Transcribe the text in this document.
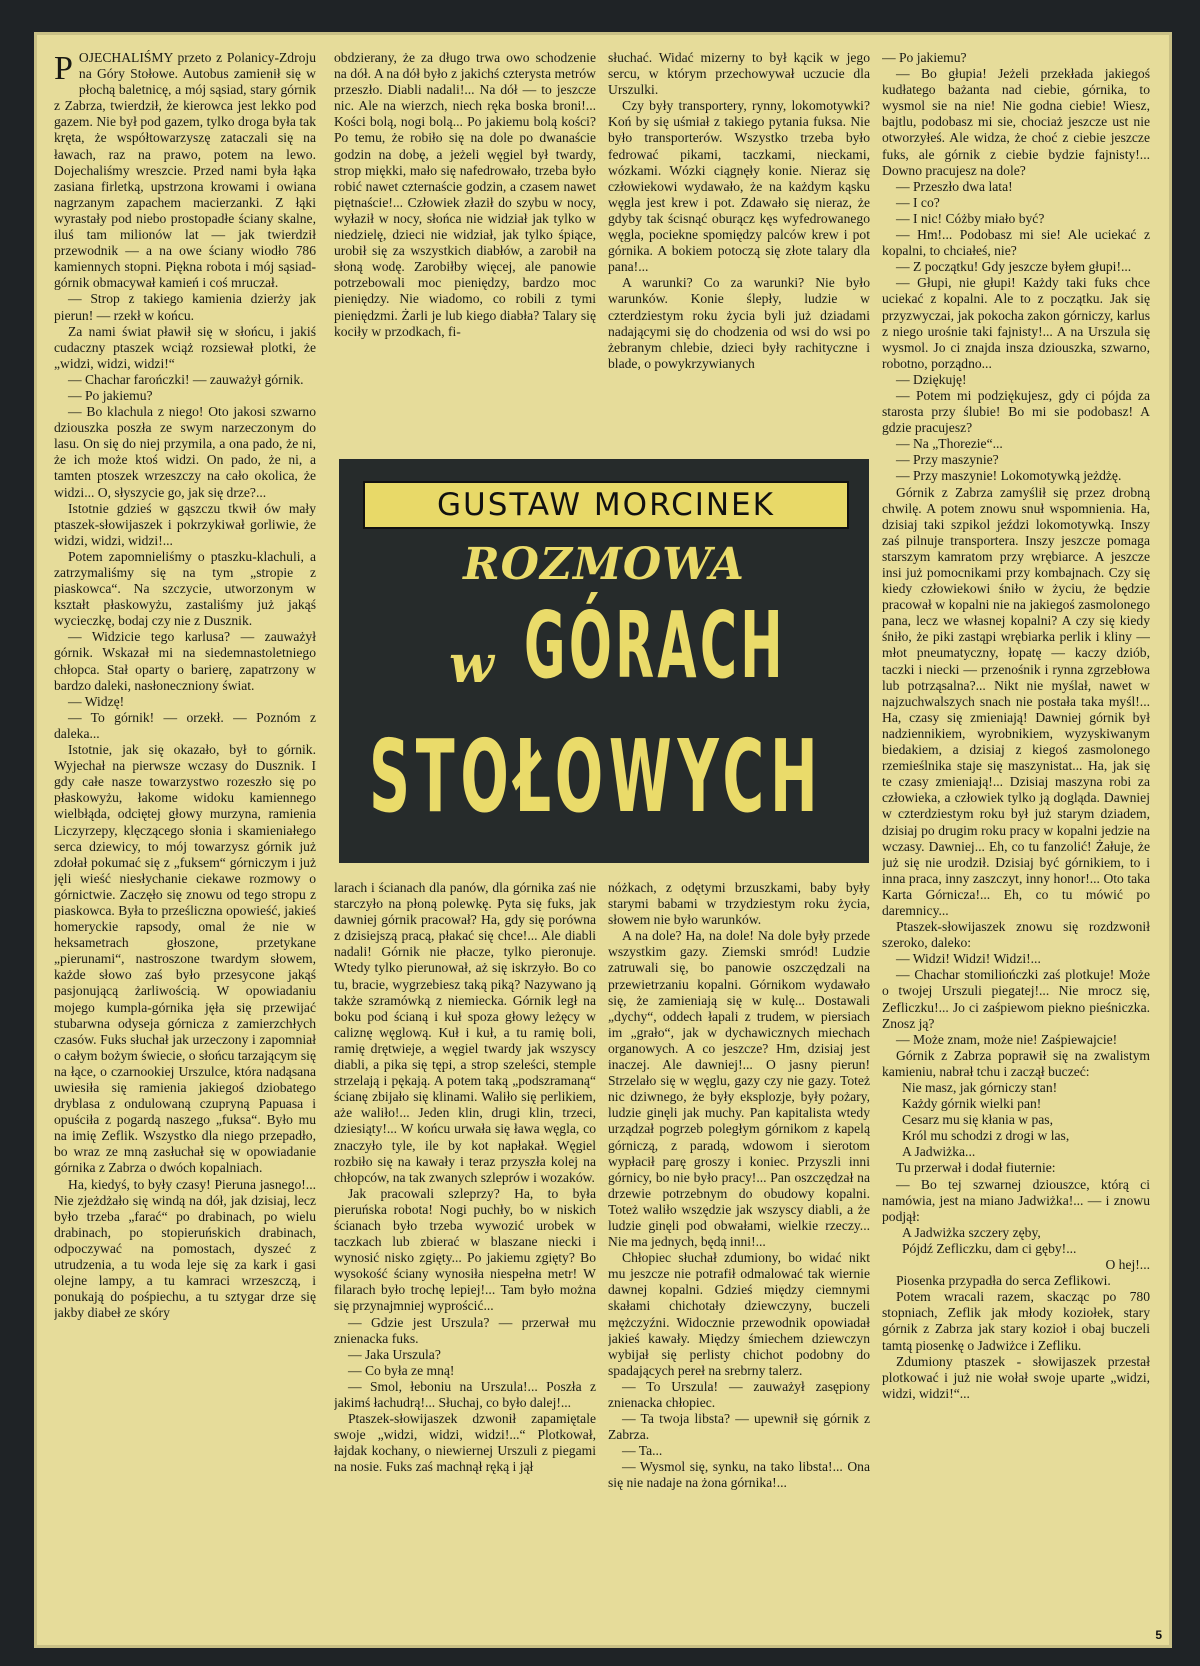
POJECHALIŚMY przeto z Polanicy-Zdroju na Góry Stołowe. Autobus zamienił się w płochą baletnicę, a mój sąsiad, stary górnik z Zabrza, twierdził, że kierowca jest lekko pod gazem. Nie był pod gazem, tylko droga była tak kręta, że współtowarzyszę zataczali się na ławach, raz na prawo, potem na lewo. Dojechaliśmy wreszcie. Przed nami była łąka zasiana firletką, upstrzona krowami i owiana nagrzanym zapachem macierzanki. Z łąki wyrastały pod niebo prostopadłe ściany skalne, iluś tam milionów lat — jak twierdził przewodnik — a na owe ściany wiodło 786 kamiennych stopni. Piękna robota i mój sąsiad-górnik obmacywał kamień i coś mruczał.

— Strop z takiego kamienia dzierży jak pierun! — rzekł w końcu.

Za nami świat pławił się w słońcu, i jakiś cudaczny ptaszek wciąż rozsiewał plotki, że „widzi, widzi, widzi!“

— Chachar farończki! — zauważył górnik.

— Po jakiemu?

— Bo klachula z niego! Oto jakosi szwarno dziouszka poszła ze swym narzeczonym do lasu. On się do niej przymila, a ona pado, że ni, że ich może ktoś widzi. On pado, że ni, a tamten ptoszek wrzeszczy na cało okolica, że widzi... O, słyszycie go, jak się drze?...

Istotnie gdzieś w gąszczu tkwił ów mały ptaszek-słowijaszek i pokrzykiwał gorliwie, że widzi, widzi, widzi!...

Potem zapomnieliśmy o ptaszku-klachuli, a zatrzymaliśmy się na tym „stropie z piaskowca“. Na szczycie, utworzonym w kształt płaskowyżu, zastaliśmy już jakąś wycieczkę, bodaj czy nie z Dusznik.

— Widzicie tego karlusa? — zauważył górnik. Wskazał mi na siedemnastoletniego chłopca. Stał oparty o barierę, zapatrzony w bardzo daleki, nasłoneczniony świat.

— Widzę!

— To górnik! — orzekł. — Poznóm z daleka...

Istotnie, jak się okazało, był to górnik. Wyjechał na pierwsze wczasy do Dusznik. I gdy całe nasze towarzystwo rozeszło się po płaskowyżu, łakome widoku kamiennego wielbłąda, odciętej głowy murzyna, ramienia Liczyrzepy, klęczącego słonia i skamieniałego serca dziewicy, to mój towarzysz górnik już zdołał pokumać się z „fuksem“ górniczym i już jęli wieść niesłychanie ciekawe rozmowy o górnictwie. Zaczęło się znowu od tego stropu z piaskowca. Była to prześliczna opowieść, jakieś homeryckie rapsody, omal że nie w heksametrach głoszone, przetykane „pierunami“, nastroszone twardym słowem, każde słowo zaś było przesycone jakąś pasjonującą żarliwością. W opowiadaniu mojego kumpla-górnika jęła się przewijać stubarwna odyseja górnicza z zamierzchłych czasów. Fuks słuchał jak urzeczony i zapomniał o całym bożym świecie, o słońcu tarzającym się na łące, o czarnookiej Urszulce, która nadąsana uwiesiła się ramienia jakiegoś dziobatego dryblasa z ondulowaną czupryną Papuasa i opuściła z pogardą naszego „fuksa“. Było mu na imię Zeflik. Wszystko dla niego przepadło, bo wraz ze mną zasłuchał się w opowiadanie górnika z Zabrza o dwóch kopalniach.

Ha, kiedyś, to były czasy! Pieruna jasnego!... Nie zjeżdżało się windą na dół, jak dzisiaj, lecz było trzeba „farać“ po drabinach, po wielu drabinach, po stopieruńskich drabinach, odpoczywać na pomostach, dyszeć z utrudzenia, a tu woda leje się za kark i gasi olejne lampy, a tu kamraci wrzeszczą, i ponukają do pośpiechu, a tu sztygar drze się jakby diabeł ze skóry

obdzierany, że za długo trwa owo schodzenie na dół. A na dół było z jakichś czterysta metrów przeszło. Diabli nadali!... Na dół — to jeszcze nic. Ale na wierzch, niech ręka boska broni!... Kości bolą, nogi bolą... Po jakiemu bolą kości? Po temu, że robiło się na dole po dwanaście godzin na dobę, a jeżeli węgiel był twardy, strop miękki, mało się nafedrowało, trzeba było robić nawet czternaście godzin, a czasem nawet piętnaście!... Człowiek złaził do szybu w nocy, wyłaził w nocy, słońca nie widział jak tylko w niedzielę, dzieci nie widział, jak tylko śpiące, urobił się za wszystkich diabłów, a zarobił na słoną wodę. Zarobiłby więcej, ale panowie potrzebowali moc pieniędzy, bardzo moc pieniędzy. Nie wiadomo, co robili z tymi pieniędzmi. Żarli je lub kiego diabła? Talary się kociły w przodkach, fi-

słuchać. Widać mizerny to był kącik w jego sercu, w którym przechowywał uczucie dla Urszulki.

Czy były transportery, rynny, lokomotywki? Koń by się uśmiał z takiego pytania fuksa. Nie było transporterów. Wszystko trzeba było fedrować pikami, taczkami, nieckami, wózkami. Wózki ciągnęły konie. Nieraz się człowiekowi wydawało, że na każdym kąsku węgla jest krew i pot. Zdawało się nieraz, że gdyby tak ścisnąć oburącz kęs wyfedrowanego węgla, pociekne spomiędzy palców krew i pot górnika. A bokiem potoczą się złote talary dla pana!...

A warunki? Co za warunki? Nie było warunków. Konie ślepły, ludzie w czterdziestym roku życia byli już dziadami nadającymi się do chodzenia od wsi do wsi po żebranym chlebie, dzieci były rachityczne i blade, o powykrzywianych

GUSTAW MORCINEK
ROZMOWA
w GÓRACH
STOŁOWYCH

larach i ścianach dla panów, dla górnika zaś nie starczyło na płoną polewkę. Pyta się fuks, jak dawniej górnik pracował? Ha, gdy się porówna z dzisiejszą pracą, płakać się chce!... Ale diabli nadali! Górnik nie płacze, tylko pieronuje. Wtedy tylko pierunował, aż się iskrzyło. Bo co tu, bracie, wygrzebiesz taką piką? Nazywano ją także szramówką z niemiecka. Górnik legł na boku pod ścianą i kuł spoza głowy leżęcy w caliznę węglową. Kuł i kuł, a tu ramię boli, ramię drętwieje, a węgiel twardy jak wszyscy diabli, a pika się tępi, a strop szeleści, stemple strzelają i pękają. A potem taką „podszramaną“ ścianę zbijało się klinami. Waliło się perlikiem, aże waliło!... Jeden klin, drugi klin, trzeci, dziesiąty!... W końcu urwała się ława węgla, co znaczyło tyle, ile by kot napłakał. Węgiel rozbiło się na kawały i teraz przyszła kolej na chłopców, na tak zwanych szleprów i wozaków.

Jak pracowali szleprzy? Ha, to była pieruńska robota! Nogi puchły, bo w niskich ścianach było trzeba wywozić urobek w taczkach lub zbierać w blaszane niecki i wynosić nisko zgięty... Po jakiemu zgięty? Bo wysokość ściany wynosiła niespełna metr! W filarach było trochę lepiej!... Tam było można się przynajmniej wyprościć...

— Gdzie jest Urszula? — przerwał mu znienacka fuks.

— Jaka Urszula?

— Co była ze mną!

— Smol, łeboniu na Urszula!... Poszła z jakimś łachudrą!... Słuchaj, co było dalej!...

Ptaszek-słowijaszek dzwonił zapamiętale swoje „widzi, widzi, widzi!...“ Plotkował, łajdak kochany, o niewiernej Urszuli z piegami na nosie. Fuks zaś machnął ręką i jął

nóżkach, z odętymi brzuszkami, baby były starymi babami w trzydziestym roku życia, słowem nie było warunków.

A na dole? Ha, na dole! Na dole były przede wszystkim gazy. Ziemski smród! Ludzie zatruwali się, bo panowie oszczędzali na przewietrzaniu kopalni. Górnikom wydawało się, że zamieniają się w kulę... Dostawali „dychy“, oddech łapali z trudem, w piersiach im „grało“, jak w dychawicznych miechach organowych. A co jeszcze? Hm, dzisiaj jest inaczej. Ale dawniej!... O jasny pierun! Strzelało się w węglu, gazy czy nie gazy. Toteż nic dziwnego, że były eksplozje, były pożary, ludzie ginęli jak muchy. Pan kapitalista wtedy urządzał pogrzeb poległym górnikom z kapelą górniczą, z paradą, wdowom i sierotom wypłacił parę groszy i koniec. Przyszli inni górnicy, bo nie było pracy!... Pan oszczędzał na drzewie potrzebnym do obudowy kopalni. Toteż waliło wszędzie jak wszyscy diabli, a że ludzie ginęli pod obwałami, wielkie rzeczy... Nie ma jednych, będą inni!...

Chłopiec słuchał zdumiony, bo widać nikt mu jeszcze nie potrafił odmalować tak wiernie dawnej kopalni. Gdzieś między ciemnymi skałami chichotały dziewczyny, buczeli mężczyźni. Widocznie przewodnik opowiadał jakieś kawały. Między śmiechem dziewczyn wybijał się perlisty chichot podobny do spadających pereł na srebrny talerz.

— To Urszula! — zauważył zasępiony znienacka chłopiec.

— Ta twoja libsta? — upewnił się górnik z Zabrza.

— Ta...

— Wysmol się, synku, na tako libsta!... Ona się nie nadaje na żona górnika!...

— Po jakiemu?

— Bo głupia! Jeżeli przekłada jakiegoś kudłatego bażanta nad ciebie, górnika, to wysmol sie na nie! Nie godna ciebie! Wiesz, bajtlu, podobasz mi sie, chociaż jeszcze ust nie otworzyłeś. Ale widza, że choć z ciebie jeszcze fuks, ale górnik z ciebie bydzie fajnisty!... Downo pracujesz na dole?

— Przeszło dwa lata!

— I co?

— I nic! Cóżby miało być?

— Hm!... Podobasz mi sie! Ale uciekać z kopalni, to chciałeś, nie?

— Z początku! Gdy jeszcze byłem głupi!...

— Głupi, nie głupi! Każdy taki fuks chce uciekać z kopalni. Ale to z początku. Jak się przyzwyczai, jak pokocha zakon górniczy, karlus z niego urośnie taki fajnisty!... A na Urszula się wysmol. Jo ci znajda insza dziouszka, szwarno, robotno, porządno...

— Dziękuję!

— Potem mi podziękujesz, gdy ci pójda za starosta przy ślubie! Bo mi sie podobasz! A gdzie pracujesz?

— Na „Thorezie“...

— Przy maszynie?

— Przy maszynie! Lokomotywką jeżdżę.

Górnik z Zabrza zamyślił się przez drobną chwilę. A potem znowu snuł wspomnienia. Ha, dzisiaj taki szpikol jeździ lokomotywką. Inszy zaś pilnuje transportera. Inszy jeszcze pomaga starszym kamratom przy wrębiarce. A jeszcze insi już pomocnikami przy kombajnach. Czy się kiedy człowiekowi śniło w życiu, że będzie pracował w kopalni nie na jakiegoś zasmolonego pana, lecz we własnej kopalni? A czy się kiedy śniło, że piki zastąpi wrębiarka perlik i kliny — młot pneumatyczny, łopatę — kaczy dziób, taczki i niecki — przenośnik i rynna zgrzebłowa lub potrząsalna?... Nikt nie myślał, nawet w najzuchwalszych snach nie postała taka myśl!... Ha, czasy się zmieniają! Dawniej górnik był nadziennikiem, wyrobnikiem, wyzyskiwanym biedakiem, a dzisiaj z kiegoś zasmolonego rzemieślnika staje się maszynistat... Ha, jak się te czasy zmieniają!... Dzisiaj maszyna robi za człowieka, a człowiek tylko ją dogląda. Dawniej w czterdziestym roku był już starym dziadem, dzisiaj po drugim roku pracy w kopalni jedzie na wczasy. Dawniej... Eh, co tu fanzolić! Żałuje, że już się nie urodził. Dzisiaj być górnikiem, to i inna praca, inny zaszczyt, inny honor!... Oto taka Karta Górnicza!... Eh, co tu mówić po daremnicy...

Ptaszek-słowijaszek znowu się rozdzwonił szeroko, daleko:

— Widzi! Widzi! Widzi!...

— Chachar stomiliończki zaś plotkuje! Może o twojej Urszuli piegatej!... Nie mrocz się, Zefliczku!... Jo ci zaśpiewom piekno pieśniczka. Znosz ją?

— Może znam, może nie! Zaśpiewajcie!

Górnik z Zabrza poprawił się na zwalistym kamieniu, nabrał tchu i zaczął buczeć:

Nie masz, jak górniczy stan!

Każdy górnik wielki pan!

Cesarz mu się kłania w pas,

Król mu schodzi z drogi w las,

A Jadwiżka...

Tu przerwał i dodał fiuternie:

— Bo tej szwarnej dziouszce, którą ci namówia, jest na miano Jadwiżka!... — i znowu podjął:

A Jadwiżka szczery zęby,

Pójdź Zefliczku, dam ci gęby!...

O hej!...

Piosenka przypadła do serca Zeflikowi.

Potem wracali razem, skacząc po 780 stopniach, Zeflik jak młody koziołek, stary górnik z Zabrza jak stary kozioł i obaj buczeli tamtą piosenkę o Jadwiżce i Zefliku.

Zdumiony ptaszek - słowijaszek przestał plotkować i już nie wołał swoje uparte „widzi, widzi, widzi!“...

5
